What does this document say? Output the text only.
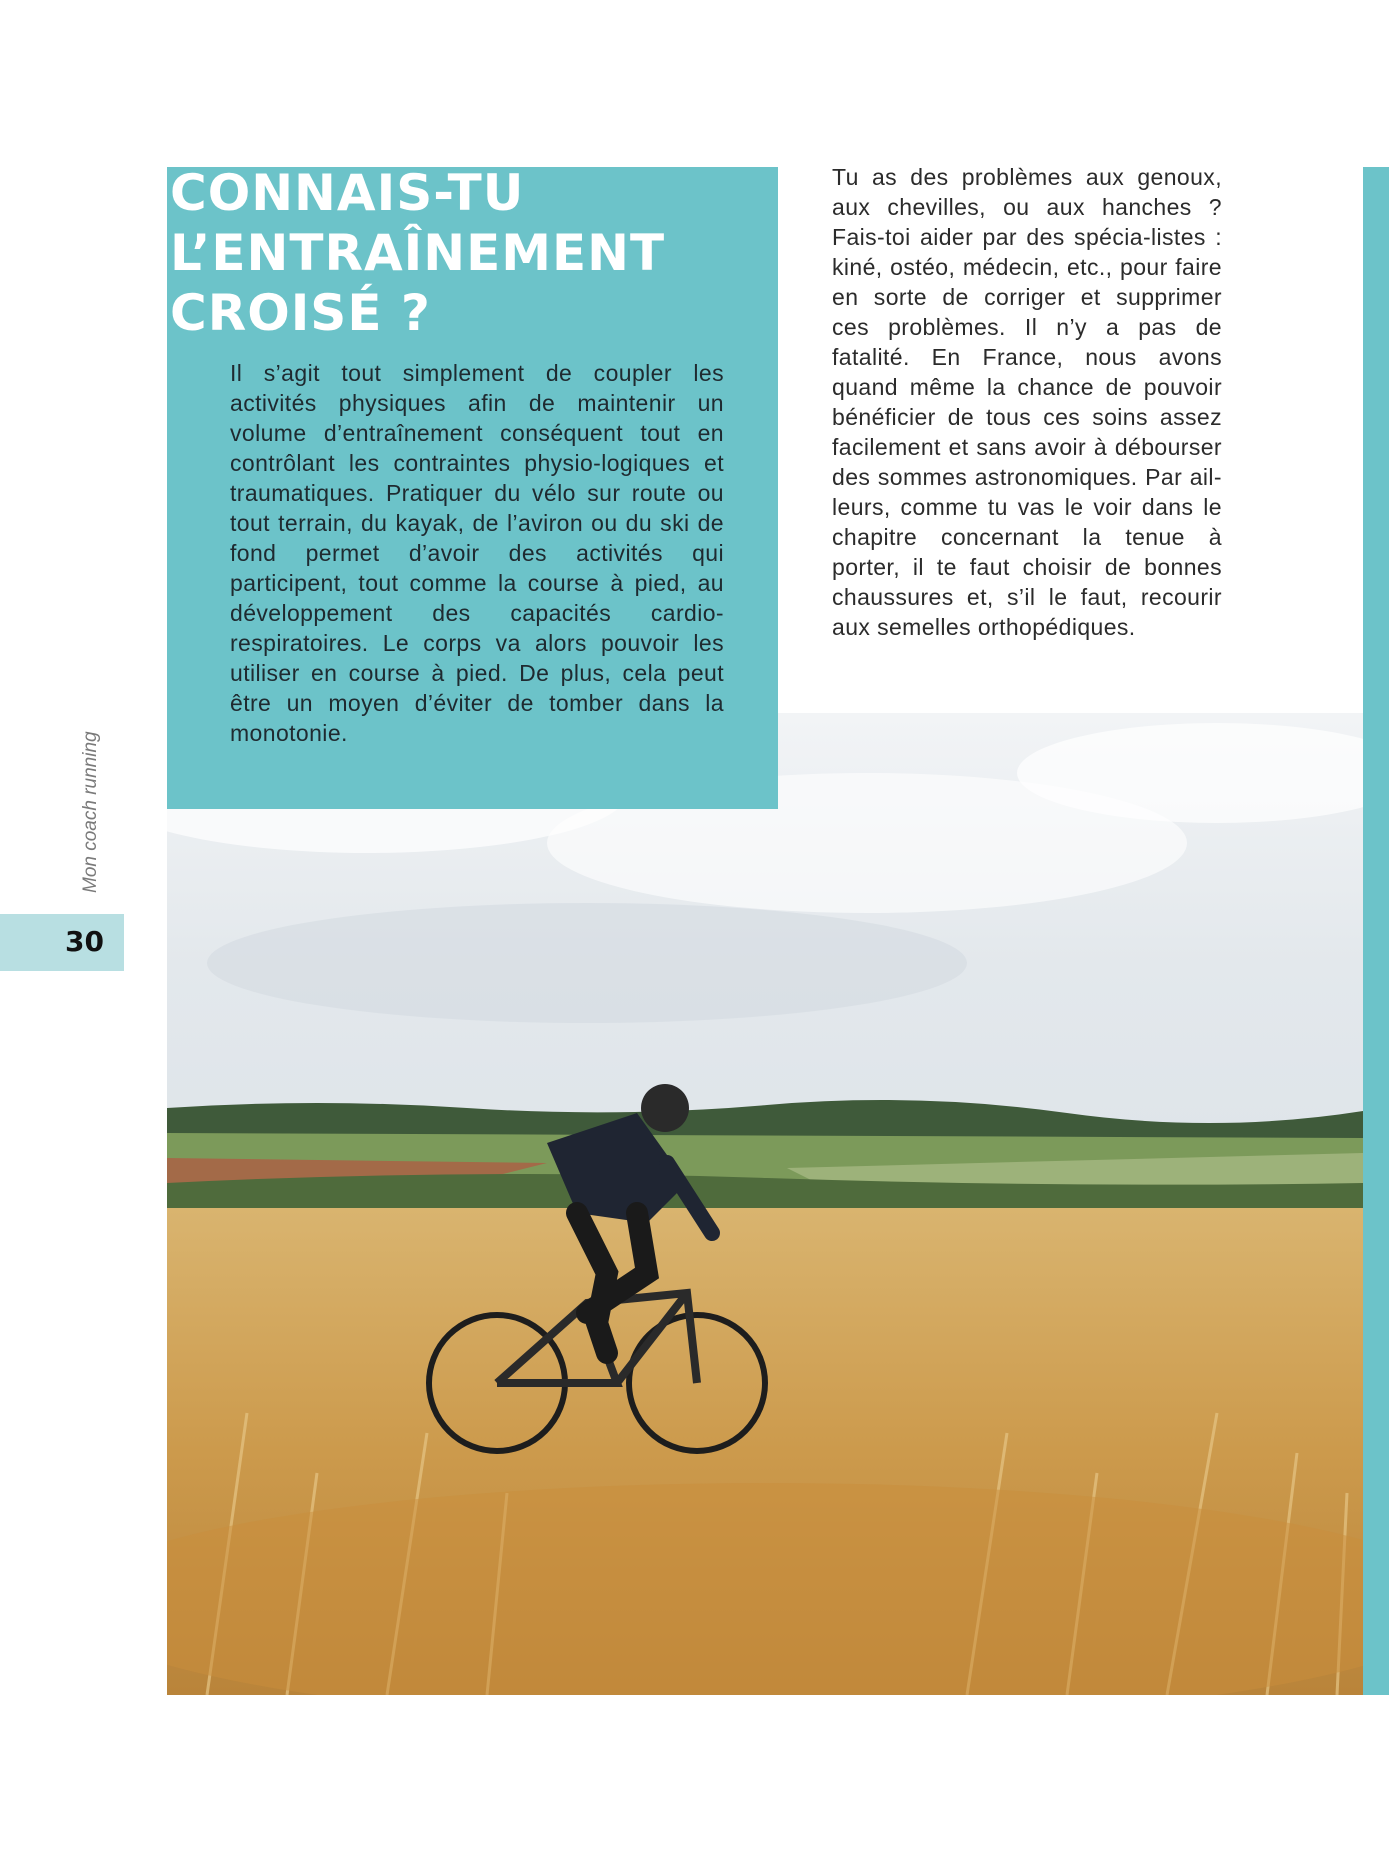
CONNAIS-TU
L’ENTRAÎNEMENT
CROISÉ ?

Il s’agit tout simplement de coupler les activités physiques afin de maintenir un volume d’entraînement conséquent tout en contrôlant les contraintes physio-logiques et traumatiques. Pratiquer du vélo sur route ou tout terrain, du kayak, de l’aviron ou du ski de fond permet d’avoir des activités qui participent, tout comme la course à pied, au développement des capacités cardio-respiratoires. Le corps va alors pouvoir les utiliser en course à pied. De plus, cela peut être un moyen d’éviter de tomber dans la monotonie.

Tu as des problèmes aux genoux, aux chevilles, ou aux hanches ? Fais-toi aider par des spécia-listes : kiné, ostéo, médecin, etc., pour faire en sorte de corriger et supprimer ces problèmes. Il n’y a pas de fatalité. En France, nous avons quand même la chance de pouvoir bénéficier de tous ces soins assez facilement et sans avoir à débourser des sommes astronomiques. Par ail-leurs, comme tu vas le voir dans le chapitre concernant la tenue à porter, il te faut choisir de bonnes chaussures et, s’il le faut, recourir aux semelles orthopédiques.

Mon coach running
30
